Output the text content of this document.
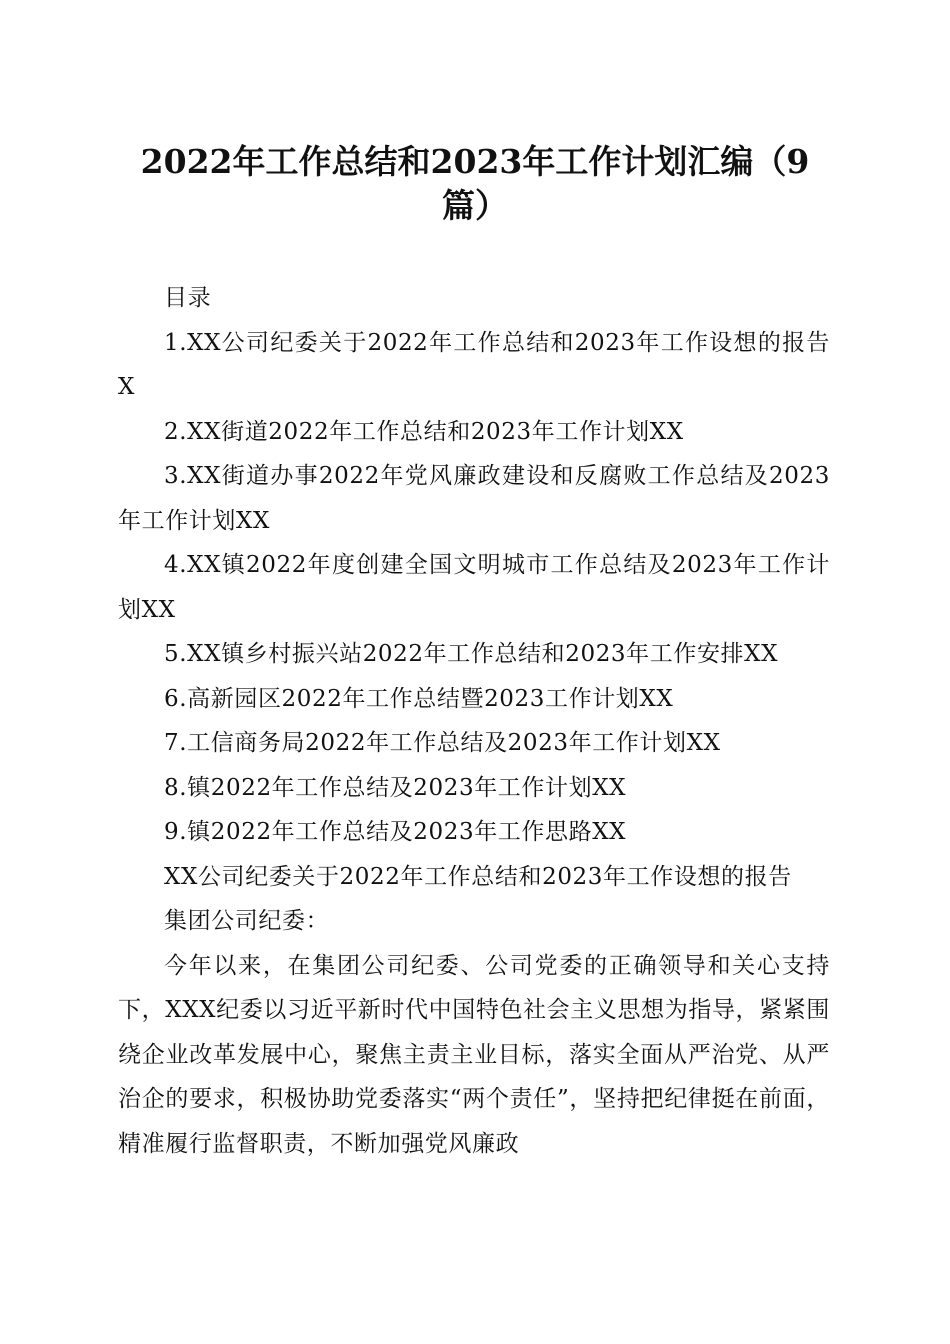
2022年工作总结和2023年工作计划汇编（9篇）

目录

1.XX公司纪委关于2022年工作总结和2023年工作设想的报告X

2.XX街道2022年工作总结和2023年工作计划XX

3.XX街道办事2022年党风廉政建设和反腐败工作总结及2023年工作计划XX

4.XX镇2022年度创建全国文明城市工作总结及2023年工作计划XX

5.XX镇乡村振兴站2022年工作总结和2023年工作安排XX

6.高新园区2022年工作总结暨2023工作计划XX

7.工信商务局2022年工作总结及2023年工作计划XX

8.镇2022年工作总结及2023年工作计划XX

9.镇2022年工作总结及2023年工作思路XX

XX公司纪委关于2022年工作总结和2023年工作设想的报告

集团公司纪委：

今年以来，在集团公司纪委、公司党委的正确领导和关心支持下，XXX纪委以习近平新时代中国特色社会主义思想为指导，紧紧围绕企业改革发展中心，聚焦主责主业目标，落实全面从严治党、从严治企的要求，积极协助党委落实“两个责任”，坚持把纪律挺在前面，精准履行监督职责，不断加强党风廉政
